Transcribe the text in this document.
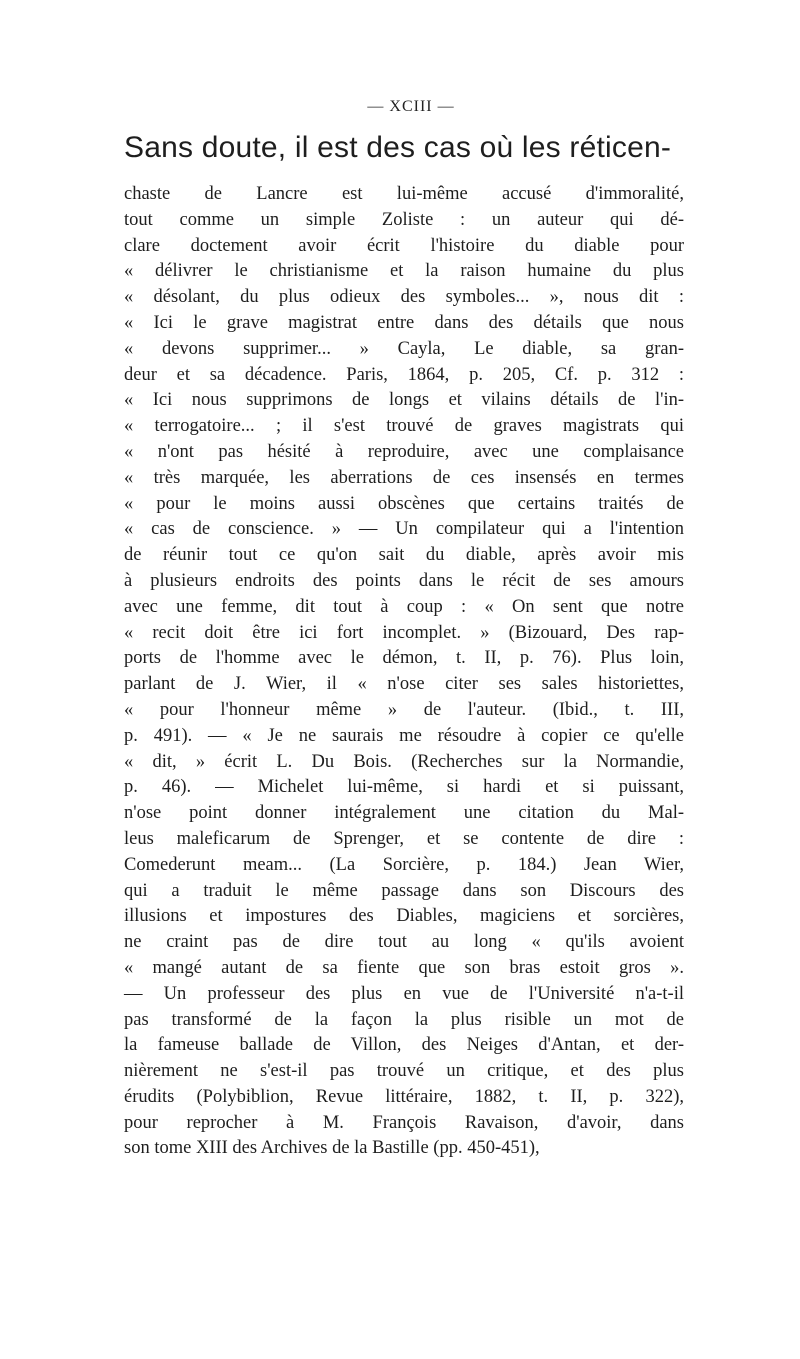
— XCIII —
Sans doute, il est des cas où les réticen-
chaste de Lancre est lui-même accusé d'immoralité,
tout comme un simple Zoliste : un auteur qui dé-
clare doctement avoir écrit l'histoire du diable pour
« délivrer le christianisme et la raison humaine du plus
« désolant, du plus odieux des symboles... », nous dit :
« Ici le grave magistrat entre dans des détails que nous
« devons supprimer... » Cayla, Le diable, sa gran-
deur et sa décadence. Paris, 1864, p. 205, Cf. p. 312 :
« Ici nous supprimons de longs et vilains détails de l'in-
« terrogatoire... ; il s'est trouvé de graves magistrats qui
« n'ont pas hésité à reproduire, avec une complaisance
« très marquée, les aberrations de ces insensés en termes
« pour le moins aussi obscènes que certains traités de
« cas de conscience. » — Un compilateur qui a l'intention
de réunir tout ce qu'on sait du diable, après avoir mis
à plusieurs endroits des points dans le récit de ses amours
avec une femme, dit tout à coup : « On sent que notre
« recit doit être ici fort incomplet. » (Bizouard, Des rap-
ports de l'homme avec le démon, t. II, p. 76). Plus loin,
parlant de J. Wier, il « n'ose citer ses sales historiettes,
« pour l'honneur même » de l'auteur. (Ibid., t. III,
p. 491). — « Je ne saurais me résoudre à copier ce qu'elle
« dit, » écrit L. Du Bois. (Recherches sur la Normandie,
p. 46). — Michelet lui-même, si hardi et si puissant,
n'ose point donner intégralement une citation du Mal-
leus maleficarum de Sprenger, et se contente de dire :
Comederunt meam... (La Sorcière, p. 184.) Jean Wier,
qui a traduit le même passage dans son Discours des
illusions et impostures des Diables, magiciens et sorcières,
ne craint pas de dire tout au long « qu'ils avoient
« mangé autant de sa fiente que son bras estoit gros ».
— Un professeur des plus en vue de l'Université n'a-t-il
pas transformé de la façon la plus risible un mot de
la fameuse ballade de Villon, des Neiges d'Antan, et der-
nièrement ne s'est-il pas trouvé un critique, et des plus
érudits (Polybiblion, Revue littéraire, 1882, t. II, p. 322),
pour reprocher à M. François Ravaison, d'avoir, dans
son tome XIII des Archives de la Bastille (pp. 450-451),
